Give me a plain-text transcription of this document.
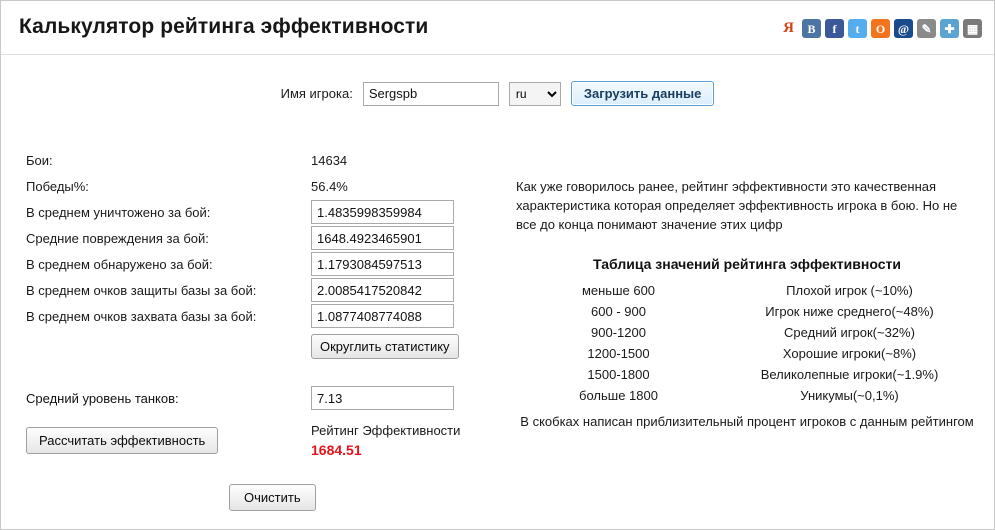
Калькулятор рейтинга эффективности	Я	В	f	t	О	@	✎	✚	▦
Имя игрока:
Sergspb
ru	Загрузить данные
Бои:	14634
Победы%:	56.4%
В среднем уничтожено за бой:
1.4835998359984
Средние повреждения за бой:
1648.4923465901
В среднем обнаружено за бой:
1.1793084597513
В среднем очков защиты базы за бой:
2.0085417520842
В среднем очков захвата базы за бой:
1.0877408774088
Округлить статистику
Средний уровень танков:
7.13
Рассчитать эффективность
Рейтинг Эффективности
1684.51
Очистить
Как уже говорилось ранее, рейтинг эффективности это качественная характеристика которая определяет эффективность игрока в бою. Но не все до конца понимают значение этих цифр
Таблица значений рейтинга эффективности
меньше 600	Плохой игрок (~10%)
600 - 900	Игрок ниже среднего(~48%)
900-1200	Средний игрок(~32%)
1200-1500	Хорошие игроки(~8%)
1500-1800	Великолепные игроки(~1.9%)
больше 1800	Уникумы(~0,1%)
В скобках написан приблизительный процент игроков с данным рейтингом
